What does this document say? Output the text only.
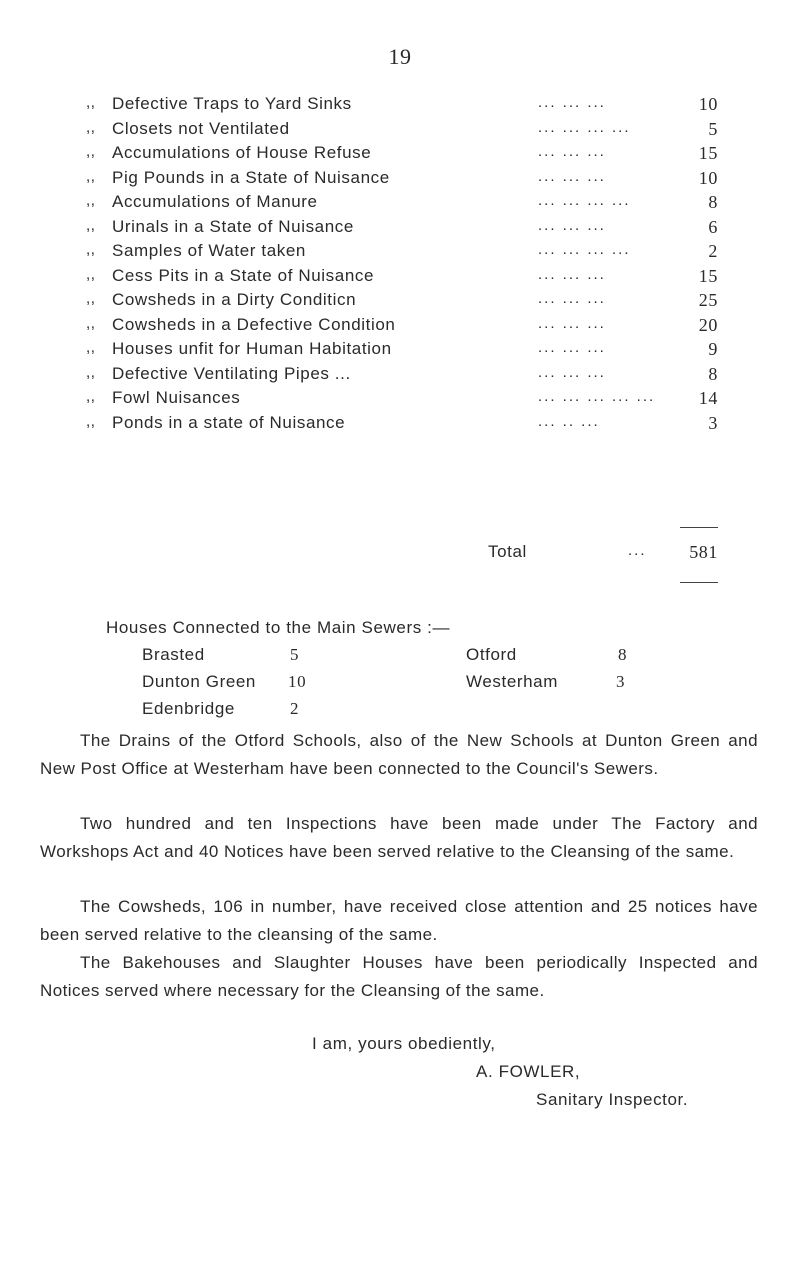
19
,, Defective Traps to Yard Sinks	... ... ...	10
,, Closets not Ventilated	... ... ... ...	5
,, Accumulations of House Refuse	... ... ...	15
,, Pig Pounds in a State of Nuisance	... ... ...	10
,, Accumulations of Manure	... ... ... ...	8
,, Urinals in a State of Nuisance	... ... ...	6
,, Samples of Water taken	... ... ... ...	2
,, Cess Pits in a State of Nuisance	... ... ...	15
,, Cowsheds in a Dirty Conditicn	... ... ...	25
,, Cowsheds in a Defective Condition	... ... ...	20
,, Houses unfit for Human Habitation	... ... ...	9
,, Defective Ventilating Pipes ...	... ... ...	8
,, Fowl Nuisances	... ... ... ... ...	14
,, Ponds in a state of Nuisance	... .. ...	3
Total	... 581
Houses Connected to the Main Sewers :—
Brasted	5	Otford	8
Dunton Green 10	Westerham	3
Edenbridge	2

The Drains of the Otford Schools, also of the New Schools at Dunton Green and New Post Office at Westerham have been connected to the Council's Sewers.

Two hundred and ten Inspections have been made under The Factory and Workshops Act and 40 Notices have been served relative to the Cleansing of the same.

The Cowsheds, 106 in number, have received close attention and 25 notices have been served relative to the cleansing of the same.

The Bakehouses and Slaughter Houses have been periodically Inspected and Notices served where necessary for the Cleansing of the same.

I am, yours obediently,
A. FOWLER,
Sanitary Inspector.
